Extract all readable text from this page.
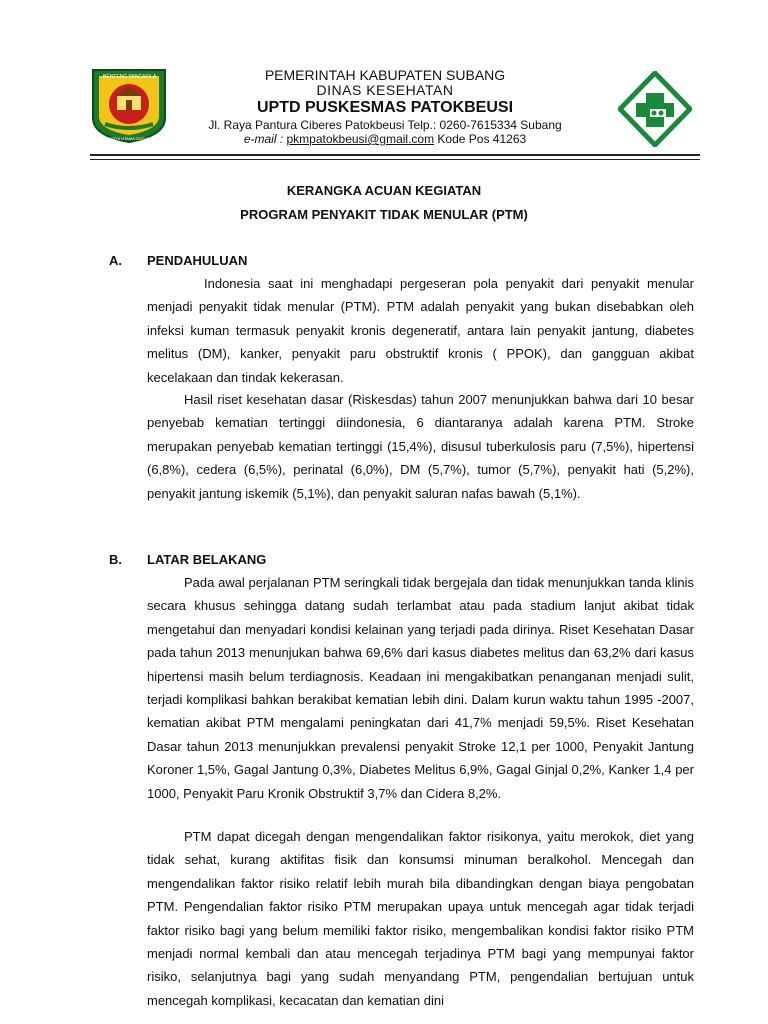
BENTENG PANCASILA
KARYA UTAMA GAPURA MERAH
PEMERINTAH KABUPATEN SUBANG
DINAS KESEHATAN
UPTD PUSKESMAS PATOKBEUSI
Jl. Raya Pantura Ciberes Patokbeusi Telp.: 0260-7615334 Subang
e-mail : pkmpatokbeusi@gmail.com Kode Pos 41263
KERANGKA ACUAN KEGIATAN
PROGRAM PENYAKIT TIDAK MENULAR (PTM)
A. PENDAHULUAN

Indonesia saat ini menghadapi pergeseran pola penyakit dari penyakit menular menjadi penyakit tidak menular (PTM). PTM adalah penyakit yang bukan disebabkan oleh infeksi kuman termasuk penyakit kronis degeneratif, antara lain penyakit jantung, diabetes melitus (DM), kanker, penyakit paru obstruktif kronis ( PPOK), dan gangguan akibat kecelakaan dan tindak kekerasan.

Hasil riset kesehatan dasar (Riskesdas) tahun 2007 menunjukkan bahwa dari 10 besar penyebab kematian tertinggi diindonesia, 6 diantaranya adalah karena PTM. Stroke merupakan penyebab kematian tertinggi (15,4%), disusul tuberkulosis paru (7,5%), hipertensi (6,8%), cedera (6,5%), perinatal (6,0%), DM (5,7%), tumor (5,7%), penyakit hati (5,2%), penyakit jantung iskemik (5,1%), dan penyakit saluran nafas bawah (5,1%).

B. LATAR BELAKANG

Pada awal perjalanan PTM seringkali tidak bergejala dan tidak menunjukkan tanda klinis secara khusus sehingga datang sudah terlambat atau pada stadium lanjut akibat tidak mengetahui dan menyadari kondisi kelainan yang terjadi pada dirinya. Riset Kesehatan Dasar pada tahun 2013 menunjukan bahwa 69,6% dari kasus diabetes melitus dan 63,2% dari kasus hipertensi masih belum terdiagnosis. Keadaan ini mengakibatkan penanganan menjadi sulit, terjadi komplikasi bahkan berakibat kematian lebih dini. Dalam kurun waktu tahun 1995 -2007, kematian akibat PTM mengalami peningkatan dari 41,7% menjadi 59,5%. Riset Kesehatan Dasar tahun 2013 menunjukkan prevalensi penyakit Stroke 12,1 per 1000, Penyakit Jantung Koroner 1,5%, Gagal Jantung 0,3%, Diabetes Melitus 6,9%, Gagal Ginjal 0,2%, Kanker 1,4 per 1000, Penyakit Paru Kronik Obstruktif 3,7% dan Cidera 8,2%.

PTM dapat dicegah dengan mengendalikan faktor risikonya, yaitu merokok, diet yang tidak sehat, kurang aktifitas fisik dan konsumsi minuman beralkohol. Mencegah dan mengendalikan faktor risiko relatif lebih murah bila dibandingkan dengan biaya pengobatan PTM. Pengendalian faktor risiko PTM merupakan upaya untuk mencegah agar tidak terjadi faktor risiko bagi yang belum memiliki faktor risiko, mengembalikan kondisi faktor risiko PTM menjadi normal kembali dan atau mencegah terjadinya PTM bagi yang mempunyai faktor risiko, selanjutnya bagi yang sudah menyandang PTM, pengendalian bertujuan untuk mencegah komplikasi, kecacatan dan kematian dini
